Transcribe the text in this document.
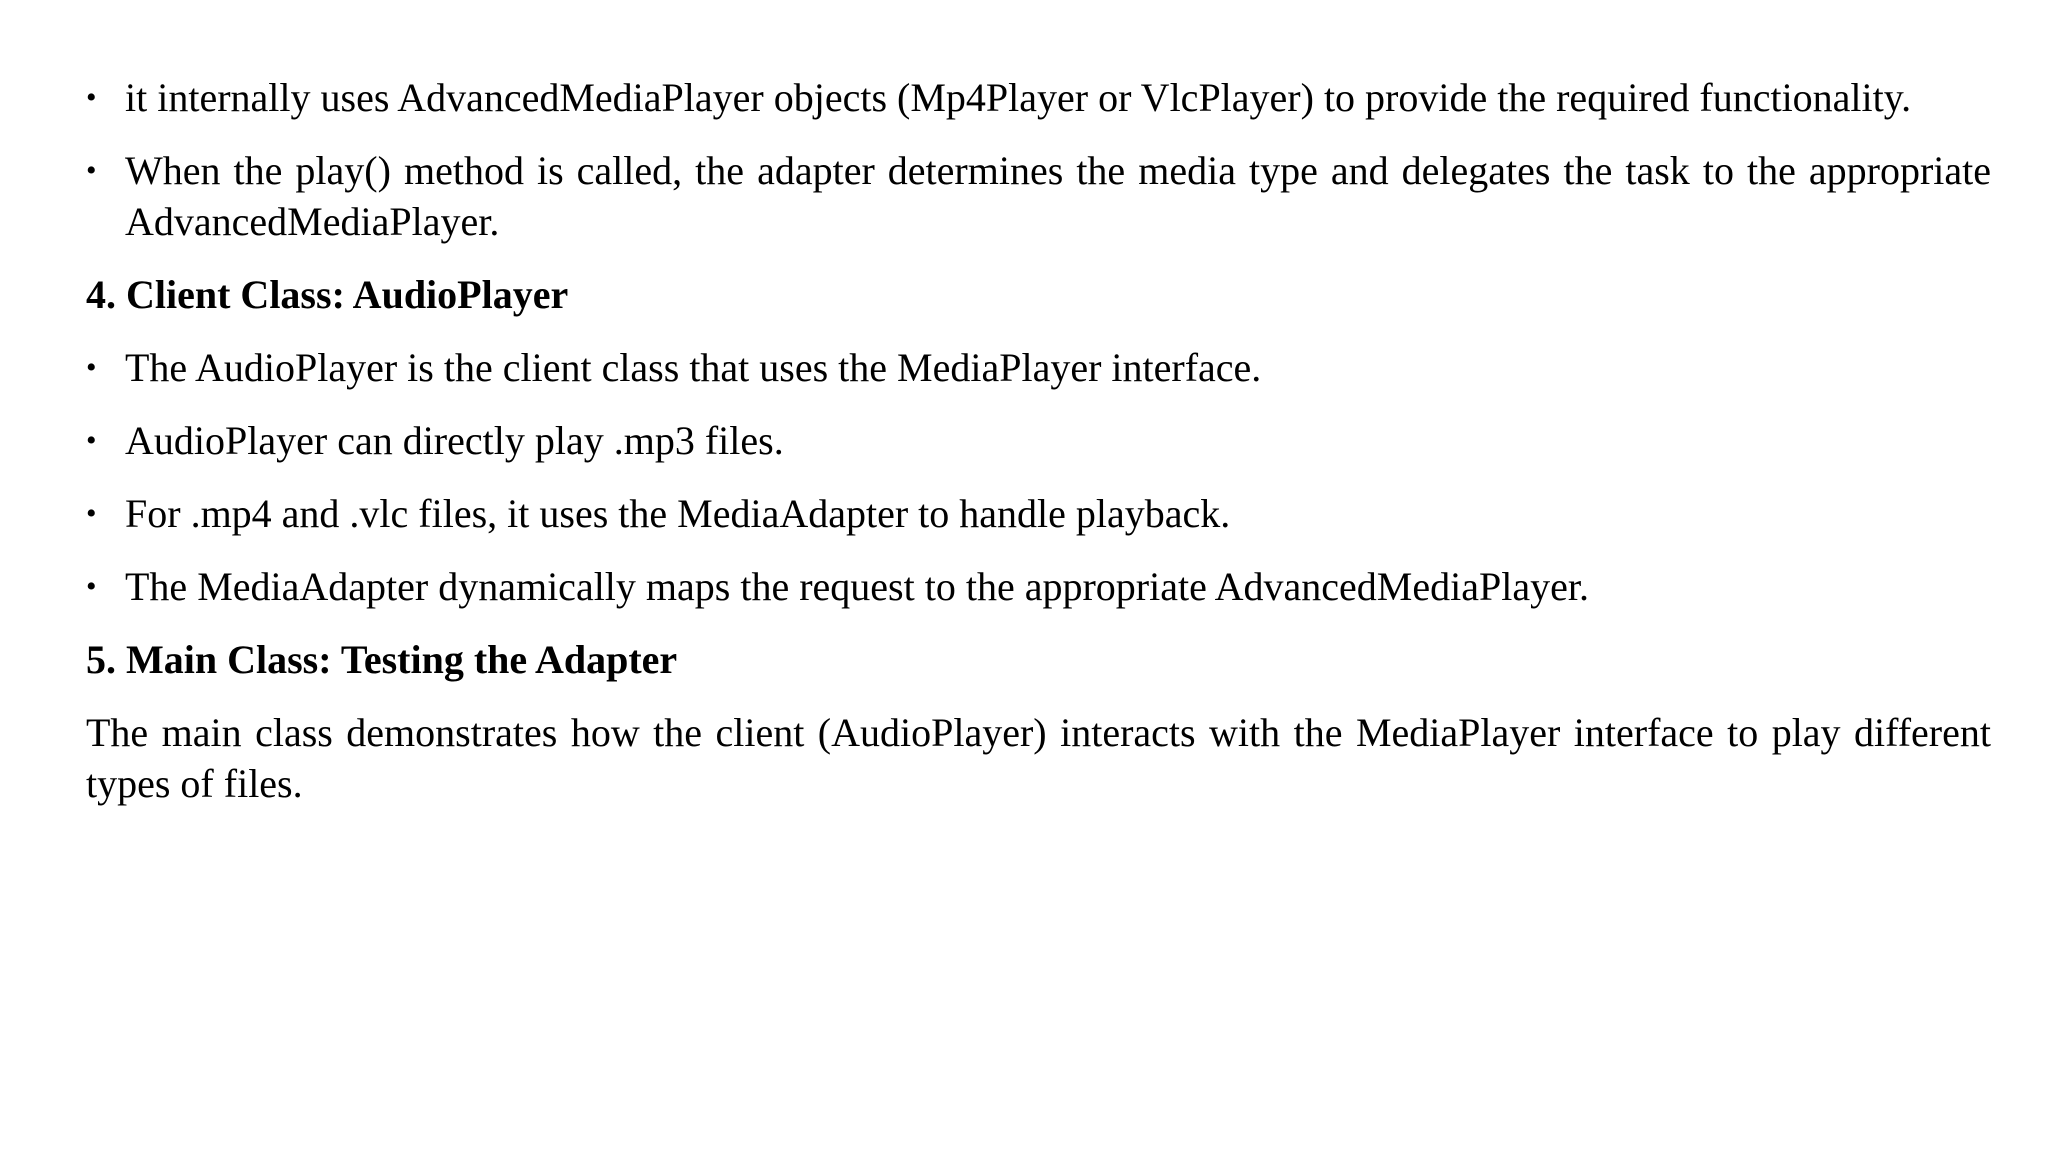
• it internally uses AdvancedMediaPlayer objects (Mp4Player or VlcPlayer) to provide the required functionality.

• When the play() method is called, the adapter determines the media type and delegates the task to the appropriate AdvancedMediaPlayer.

4. Client Class: AudioPlayer

• The AudioPlayer is the client class that uses the MediaPlayer interface.

• AudioPlayer can directly play .mp3 files.

• For .mp4 and .vlc files, it uses the MediaAdapter to handle playback.

• The MediaAdapter dynamically maps the request to the appropriate AdvancedMediaPlayer.

5. Main Class: Testing the Adapter

The main class demonstrates how the client (AudioPlayer) interacts with the MediaPlayer interface to play different types of files.
